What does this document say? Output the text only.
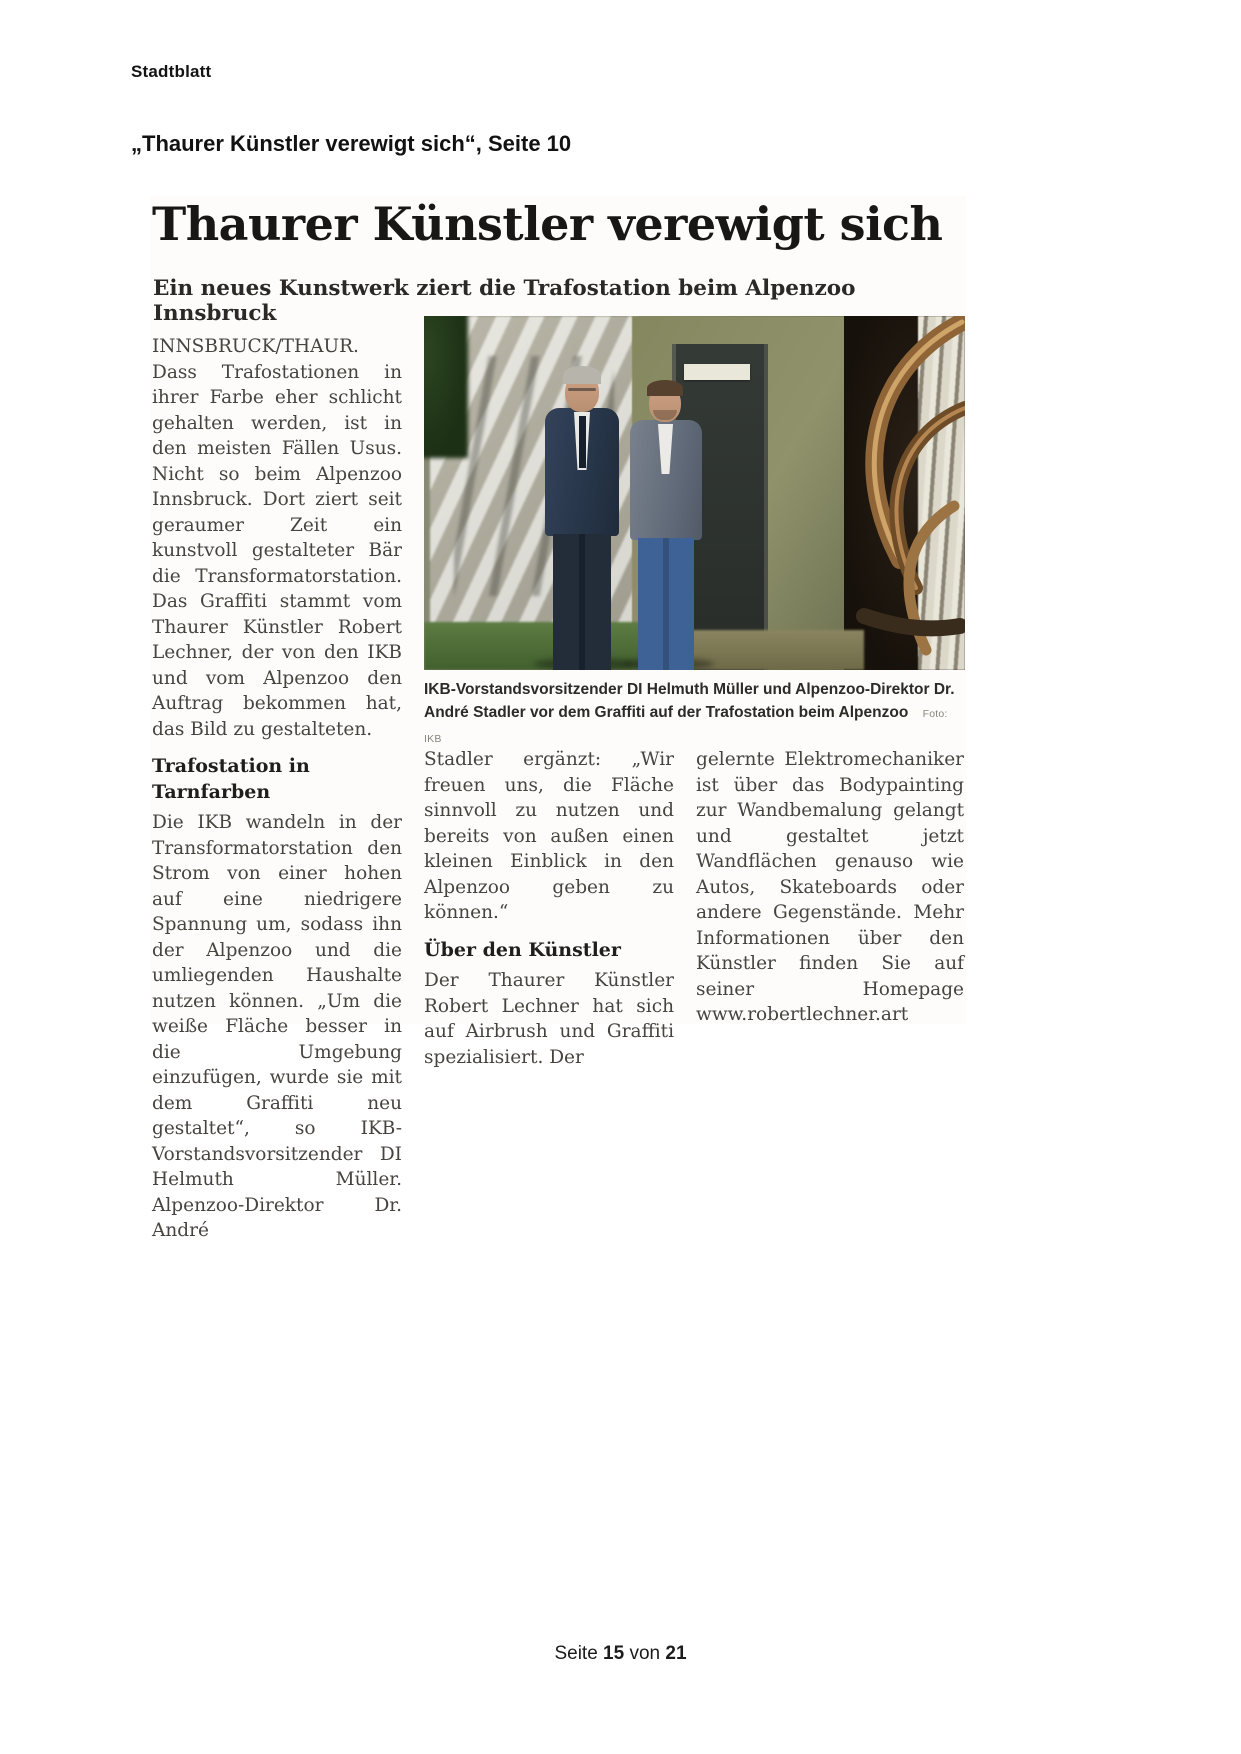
Stadtblatt
„Thaurer Künstler verewigt sich“, Seite 10
Thaurer Künstler verewigt sich
Ein neues Kunstwerk ziert die Trafostation beim Alpenzoo Innsbruck

INNSBRUCK/THAUR. Dass Trafostationen in ihrer Farbe eher schlicht gehalten werden, ist in den meisten Fällen Usus. Nicht so beim Alpenzoo Innsbruck. Dort ziert seit geraumer Zeit ein kunstvoll gestalteter Bär die Transformatorstation. Das Graffiti stammt vom Thaurer Künstler Robert Lechner, der von den IKB und vom Alpenzoo den Auftrag bekommen hat, das Bild zu gestalteten.

Trafostation in Tarnfarben

Die IKB wandeln in der Transformatorstation den Strom von einer hohen auf eine niedrigere Spannung um, sodass ihn der Alpenzoo und die umliegenden Haushalte nutzen können. „Um die weiße Fläche besser in die Umgebung einzufügen, wurde sie mit dem Graffiti neu gestaltet“, so IKB-Vorstandsvorsitzender DI Helmuth Müller. Alpenzoo-Direktor Dr. André

IKB-Vorstandsvorsitzender DI Helmuth Müller und Alpenzoo-Direktor Dr. André Stadler vor dem Graffiti auf der Trafostation beim Alpenzoo Foto: IKB

Stadler ergänzt: „Wir freuen uns, die Fläche sinnvoll zu nutzen und bereits von außen einen kleinen Einblick in den Alpenzoo geben zu können.“

Über den Künstler

Der Thaurer Künstler Robert Lechner hat sich auf Airbrush und Graffiti spezialisiert. Der

gelernte Elektromechaniker ist über das Bodypainting zur Wandbemalung gelangt und gestaltet jetzt Wandflächen genauso wie Autos, Skateboards oder andere Gegenstände. Mehr Informationen über den Künstler finden Sie auf seiner Homepage www.robertlechner.art

Seite 15 von 21
